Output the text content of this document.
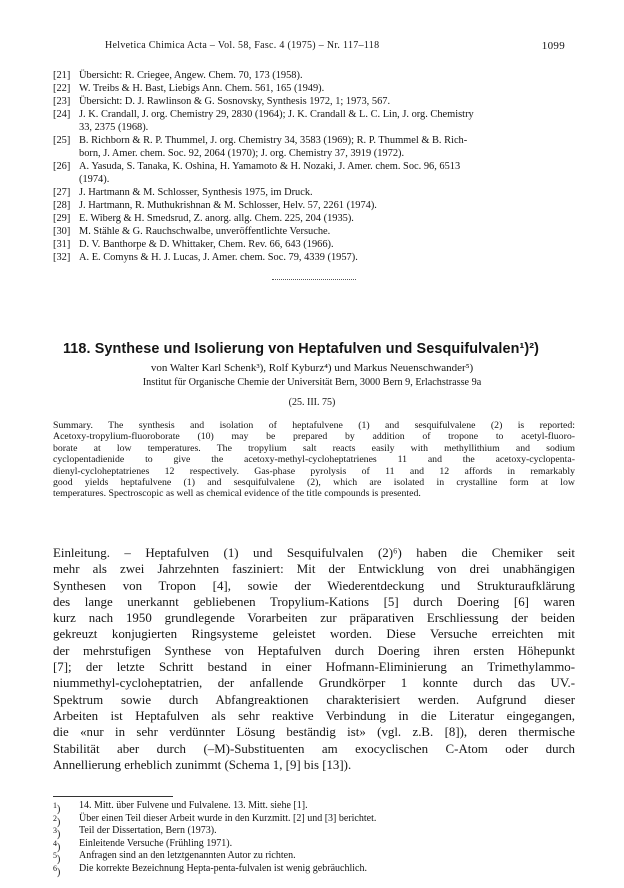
Helvetica Chimica Acta – Vol. 58, Fasc. 4 (1975) – Nr. 117–118	1099
[21] Übersicht: R. Criegee, Angew. Chem. 70, 173 (1958).
[22] W. Treibs & H. Bast, Liebigs Ann. Chem. 561, 165 (1949).
[23] Übersicht: D. J. Rawlinson & G. Sosnovsky, Synthesis 1972, 1; 1973, 567.
[24] J. K. Crandall, J. org. Chemistry 29, 2830 (1964); J. K. Crandall & L. C. Lin, J. org. Chemistry
33, 2375 (1968).
[25] B. Richborn & R. P. Thummel, J. org. Chemistry 34, 3583 (1969); R. P. Thummel & B. Rich-
born, J. Amer. chem. Soc. 92, 2064 (1970); J. org. Chemistry 37, 3919 (1972).
[26] A. Yasuda, S. Tanaka, K. Oshina, H. Yamamoto & H. Nozaki, J. Amer. chem. Soc. 96, 6513
(1974).
[27] J. Hartmann & M. Schlosser, Synthesis 1975, im Druck.
[28] J. Hartmann, R. Muthukrishnan & M. Schlosser, Helv. 57, 2261 (1974).
[29] E. Wiberg & H. Smedsrud, Z. anorg. allg. Chem. 225, 204 (1935).
[30] M. Stähle & G. Rauchschwalbe, unveröffentlichte Versuche.
[31] D. V. Banthorpe & D. Whittaker, Chem. Rev. 66, 643 (1966).
[32] A. E. Comyns & H. J. Lucas, J. Amer. chem. Soc. 79, 4339 (1957).
118. Synthese und Isolierung von Heptafulven und Sesquifulvalen¹)²)
von Walter Karl Schenk³), Rolf Kyburz⁴) und Markus Neuenschwander⁵)
Institut für Organische Chemie der Universität Bern, 3000 Bern 9, Erlachstrasse 9a
(25. III. 75)
Summary. The synthesis and isolation of heptafulvene (1) and sesquifulvalene (2) is reported:
Acetoxy-tropylium-fluoroborate (10) may be prepared by addition of tropone to acetyl-fluoro-
borate at low temperatures. The tropylium salt reacts easily with methyllithium and sodium
cyclopentadienide to give the acetoxy-methyl-cycloheptatrienes 11 and the acetoxy-cyclopenta-
dienyl-cycloheptatrienes 12 respectively. Gas-phase pyrolysis of 11 and 12 affords in remarkably
good yields heptafulvene (1) and sesquifulvalene (2), which are isolated in crystalline form at low
temperatures. Spectroscopic as well as chemical evidence of the title compounds is presented.
Einleitung. – Heptafulven (1) und Sesquifulvalen (2)⁶) haben die Chemiker seit
mehr als zwei Jahrzehnten fasziniert: Mit der Entwicklung von drei unabhängigen
Synthesen von Tropon [4], sowie der Wiederentdeckung und Strukturaufklärung
des lange unerkannt gebliebenen Tropylium-Kations [5] durch Doering [6] waren
kurz nach 1950 grundlegende Vorarbeiten zur präparativen Erschliessung der beiden
gekreuzt konjugierten Ringsysteme geleistet worden. Diese Versuche erreichten mit
der mehrstufigen Synthese von Heptafulven durch Doering ihren ersten Höhepunkt
[7]; der letzte Schritt bestand in einer Hofmann-Eliminierung an Trimethylammo-
niummethyl-cycloheptatrien, der anfallende Grundkörper 1 konnte durch das UV.-
Spektrum sowie durch Abfangreaktionen charakterisiert werden. Aufgrund dieser
Arbeiten ist Heptafulven als sehr reaktive Verbindung in die Literatur eingegangen,
die «nur in sehr verdünnter Lösung beständig ist» (vgl. z.B. [8]), deren thermische
Stabilität aber durch (–M)-Substituenten am exocyclischen C-Atom oder durch
Annellierung erheblich zunimmt (Schema 1, [9] bis [13]).
$^1$) 14. Mitt. über Fulvene und Fulvalene. 13. Mitt. siehe [1].
$^2$) Über einen Teil dieser Arbeit wurde in den Kurzmitt. [2] und [3] berichtet.
$^3$) Teil der Dissertation, Bern (1973).
$^4$) Einleitende Versuche (Frühling 1971).
$^5$) Anfragen sind an den letztgenannten Autor zu richten.
$^6$) Die korrekte Bezeichnung Hepta-penta-fulvalen ist wenig gebräuchlich.
